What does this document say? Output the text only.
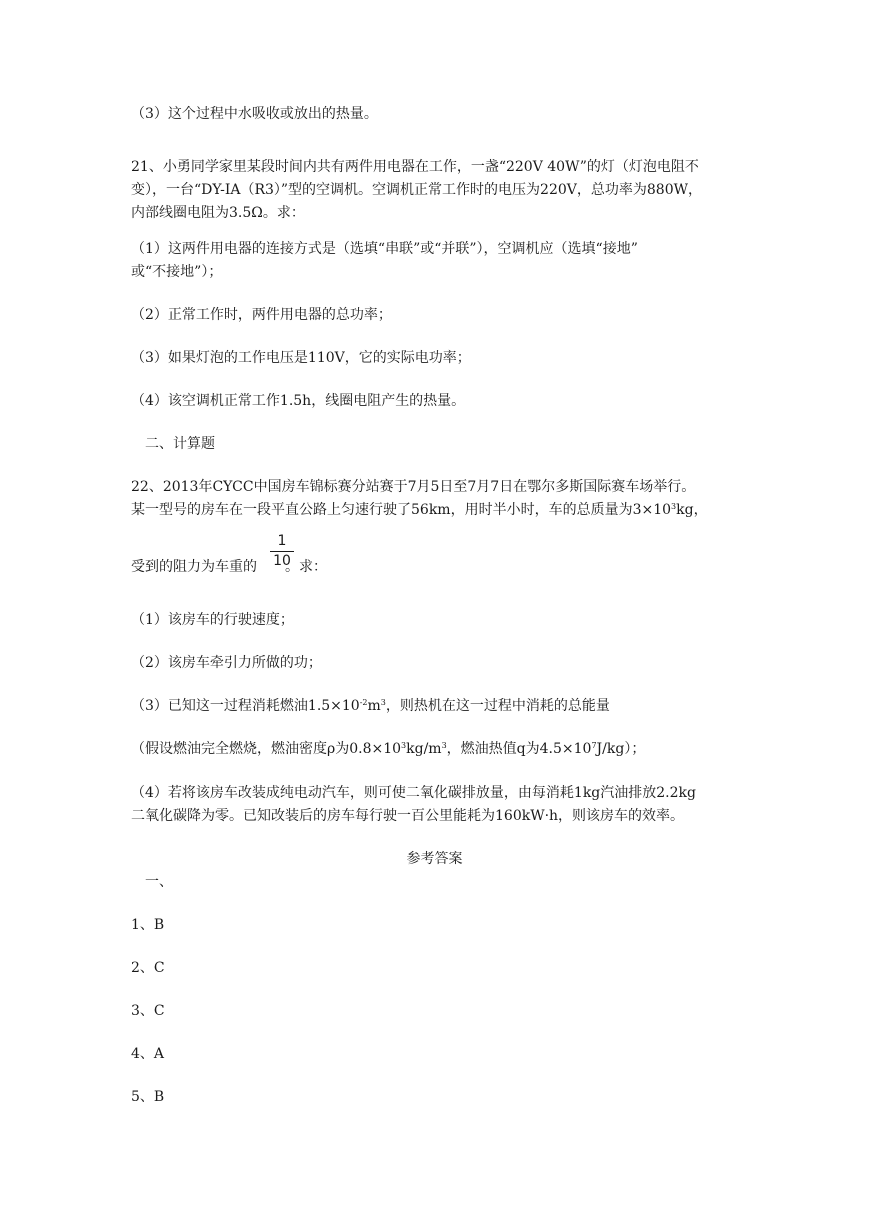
（3）这个过程中水吸收或放出的热量。
21、小勇同学家里某段时间内共有两件用电器在工作，一盏“220V 40W”的灯（灯泡电阻不
变），一台“DY-IA（R3）”型的空调机。空调机正常工作时的电压为220V，总功率为880W，
内部线圈电阻为3.5Ω。求：
（1）这两件用电器的连接方式是（选填“串联”或“并联”），空调机应（选填“接地”
或“不接地”）；
（2）正常工作时，两件用电器的总功率；
（3）如果灯泡的工作电压是110V，它的实际电功率；
（4）该空调机正常工作1.5h，线圈电阻产生的热量。
二、计算题
22、2013年CYCC中国房车锦标赛分站赛于7月5日至7月7日在鄂尔多斯国际赛车场举行。
某一型号的房车在一段平直公路上匀速行驶了56km，用时半小时，车的总质量为$3\times 10^3kg$，
受到的阻力为车重的 。求：
1
10
（1）该房车的行驶速度；
（2）该房车牵引力所做的功；
（3）已知这一过程消耗燃油$1.5\times 10^{-2}m^3$，则热机在这一过程中消耗的总能量
（假设燃油完全燃烧，燃油密度ρ为$0.8\times 10^3kg/m^3$，燃油热值q为$4.5\times 10^7J/kg$）；
（4）若将该房车改装成纯电动汽车，则可使二氧化碳排放量，由每消耗1kg汽油排放2.2kg
二氧化碳降为零。已知改装后的房车每行驶一百公里能耗为160kW·h，则该房车的效率。
参考答案
一、
1、B
2、C
3、C
4、A
5、B
